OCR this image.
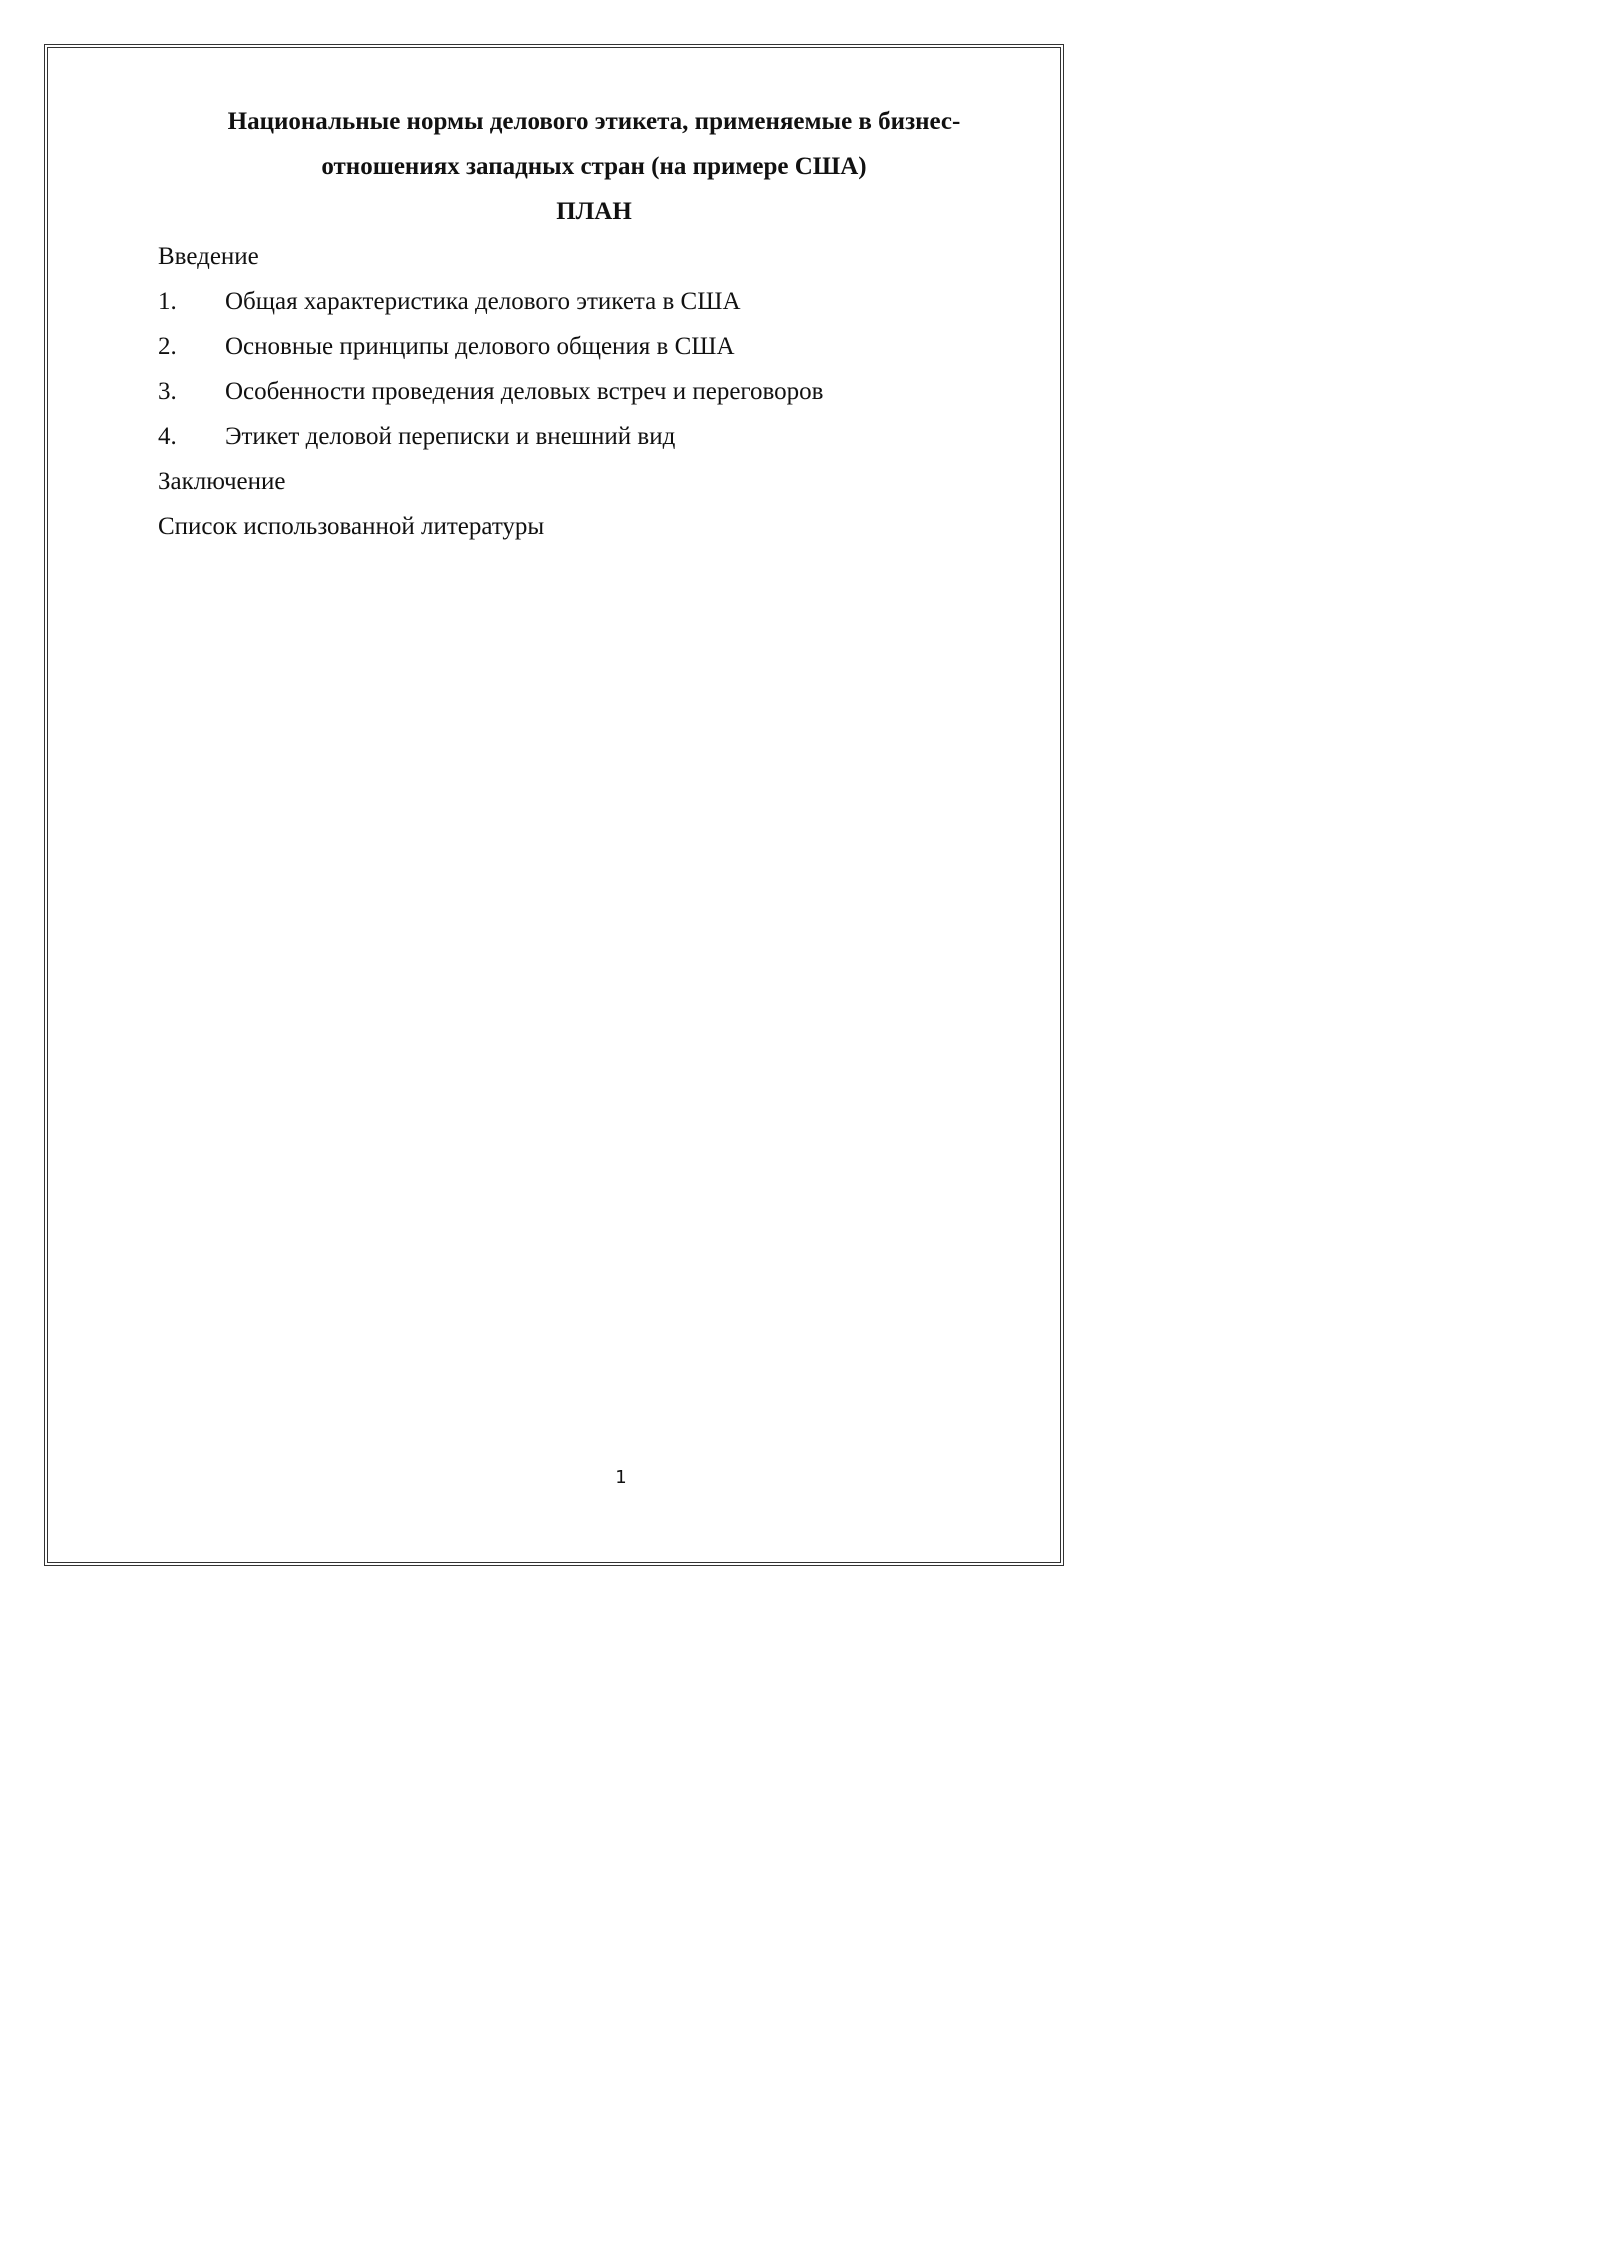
Национальные нормы делового этикета, применяемые в бизнес-
отношениях западных стран (на примере США)
ПЛАН
Введение
1. Общая характеристика делового этикета в США
2. Основные принципы делового общения в США
3. Особенности проведения деловых встреч и переговоров
4. Этикет деловой переписки и внешний вид
Заключение
Список использованной литературы
1
